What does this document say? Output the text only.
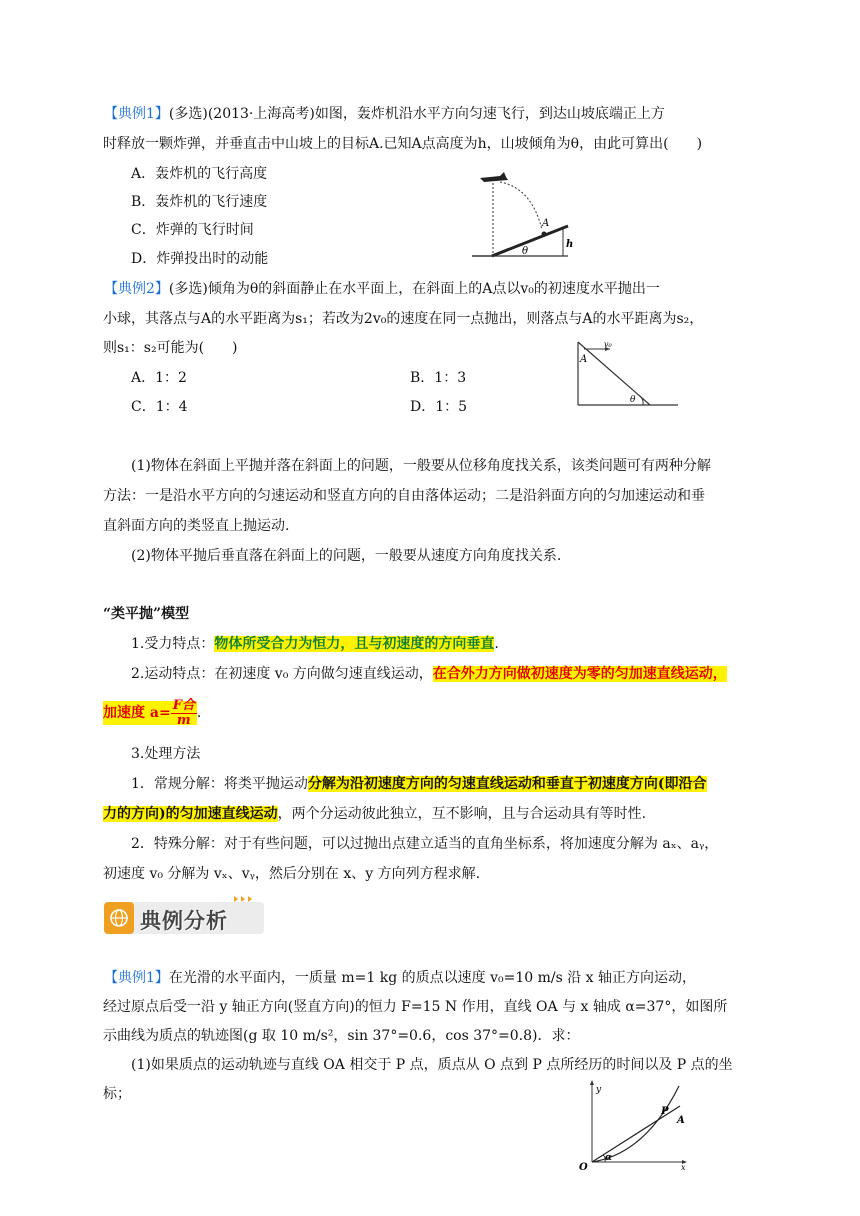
【典例1】(多选)(2013·上海高考)如图，轰炸机沿水平方向匀速飞行，到达山坡底端正上方
时释放一颗炸弹，并垂直击中山坡上的目标A.已知A点高度为h，山坡倾角为θ，由此可算出(　　)
A．轰炸机的飞行高度
B．轰炸机的飞行速度
C．炸弹的飞行时间
D．炸弹投出时的动能
A
h
θ
【典例2】(多选)倾角为θ的斜面静止在水平面上，在斜面上的A点以v₀的初速度水平抛出一
小球，其落点与A的水平距离为s₁；若改为2v₀的速度在同一点抛出，则落点与A的水平距离为s₂，
则s₁：s₂可能为(　　)
A．1：2	B．1：3
C．1：4	D．1：5
v₀
A
θ
(1)物体在斜面上平抛并落在斜面上的问题，一般要从位移角度找关系，该类问题可有两种分解
方法：一是沿水平方向的匀速运动和竖直方向的自由落体运动；二是沿斜面方向的匀加速运动和垂
直斜面方向的类竖直上抛运动.
(2)物体平抛后垂直落在斜面上的问题，一般要从速度方向角度找关系.
“类平抛”模型
1.受力特点：物体所受合力为恒力，且与初速度的方向垂直.
2.运动特点：在初速度 v₀ 方向做匀速直线运动，在合外力方向做初速度为零的匀加速直线运动，
加速度 $a= \frac{\text{F合}}{m}$ .
3.处理方法
1．常规分解：将类平抛运动分解为沿初速度方向的匀速直线运动和垂直于初速度方向(即沿合
力的方向)的匀加速直线运动，两个分运动彼此独立，互不影响，且与合运动具有等时性.
2．特殊分解：对于有些问题，可以过抛出点建立适当的直角坐标系，将加速度分解为 aₓ、aᵧ，
初速度 v₀ 分解为 vₓ、vᵧ，然后分别在 x、y 方向列方程求解.
典例分析
【典例1】在光滑的水平面内，一质量 m=1 kg 的质点以速度 v₀=10 m/s 沿 x 轴正方向运动，
经过原点后受一沿 y 轴正方向(竖直方向)的恒力 F=15 N 作用，直线 OA 与 x 轴成 α=37°，如图所
示曲线为质点的轨迹图(g 取 10 m/s²，sin 37°=0.6，cos 37°=0.8)．求：
(1)如果质点的运动轨迹与直线 OA 相交于 P 点，质点从 O 点到 P 点所经历的时间以及 P 点的坐
标；	y
x
O
P
A
α
